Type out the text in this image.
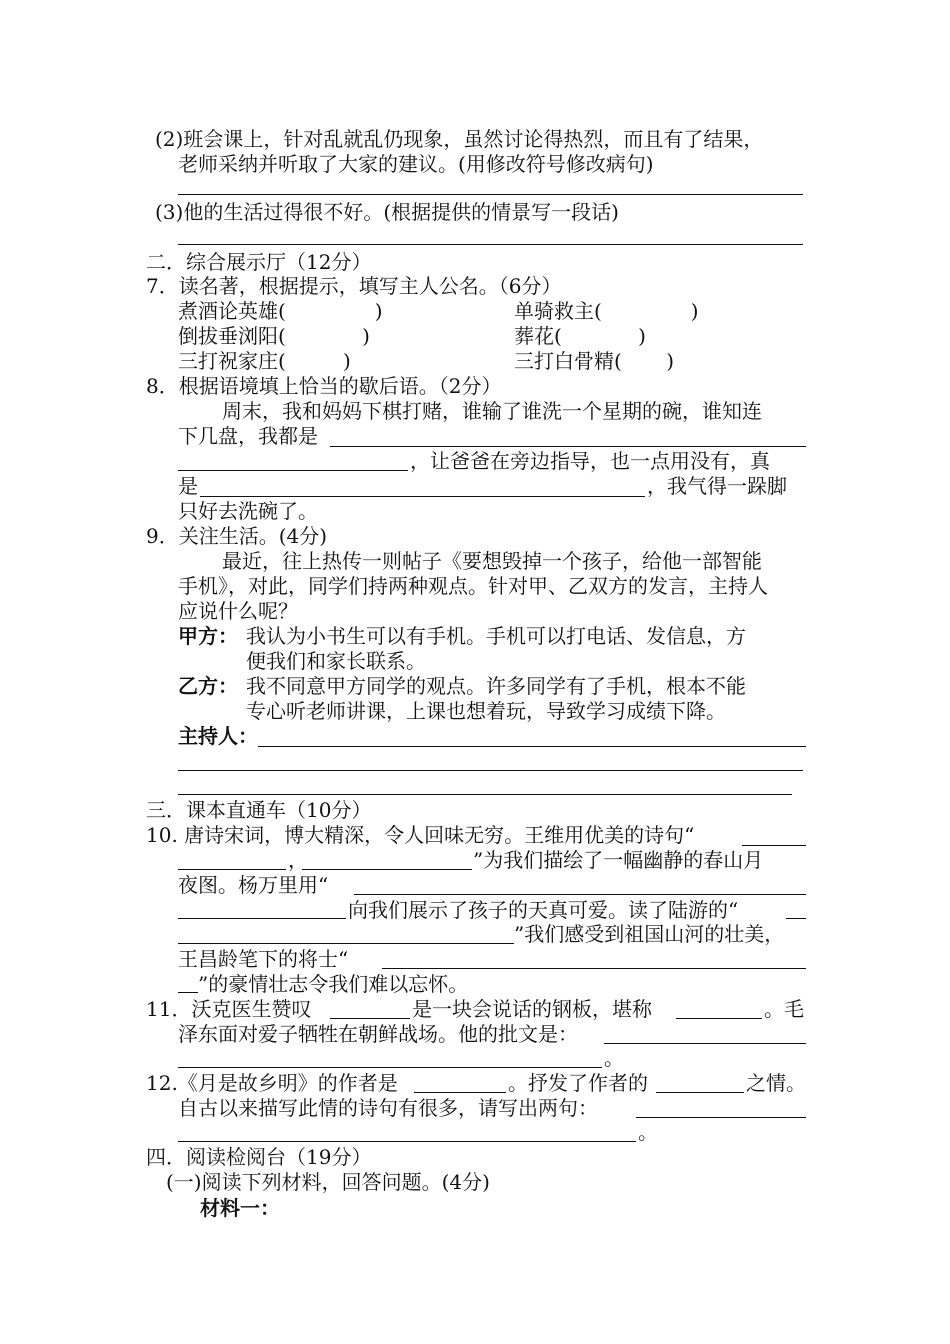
(2)班会课上，针对乱就乱仍现象，虽然讨论得热烈，而且有了结果，
老师采纳并听取了大家的建议。(用修改符号修改病句)
(3)他的生活过得很不好。(根据提供的情景写一段话)
二．综合展示厅（12分）
7．读名著，根据提示，填写主人公名。（6分）
煮酒论英雄(              )	单骑救主(              )
倒拔垂浏阳(            )	葬花(            )
三打祝家庄(         )	三打白骨精(       )
8．根据语境填上恰当的歇后语。（2分）
周末，我和妈妈下棋打赌，谁输了谁洗一个星期的碗，谁知连
下几盘，我都是
，让爸爸在旁边指导，也一点用没有，真
是	，我气得一跺脚
只好去洗碗了。
9．关注生活。(4分)
最近，往上热传一则帖子《要想毁掉一个孩子，给他一部智能
手机》，对此，同学们持两种观点。针对甲、乙双方的发言，主持人
应说什么呢？
甲方： 我认为小书生可以有手机。手机可以打电话、发信息，方
便我们和家长联系。
乙方： 我不同意甲方同学的观点。许多同学有了手机，根本不能
专心听老师讲课，上课也想着玩，导致学习成绩下降。
主持人：
三．课本直通车（10分）
10. 唐诗宋词，博大精深，令人回味无穷。王维用优美的诗句“
，	”为我们描绘了一幅幽静的春山月
夜图。杨万里用“
向我们展示了孩子的天真可爱。读了陆游的“
”我们感受到祖国山河的壮美，
王昌龄笔下的将士“
”的豪情壮志令我们难以忘怀。
11．沃克医生赞叹	是一块会说话的钢板，堪称	。毛
泽东面对爱子牺牲在朝鲜战场。他的批文是：
。
12.《月是故乡明》的作者是	。抒发了作者的	之情。
自古以来描写此情的诗句有很多，请写出两句：
。
四．阅读检阅台（19分）
(一)阅读下列材料，回答问题。(4分)
材料一：
